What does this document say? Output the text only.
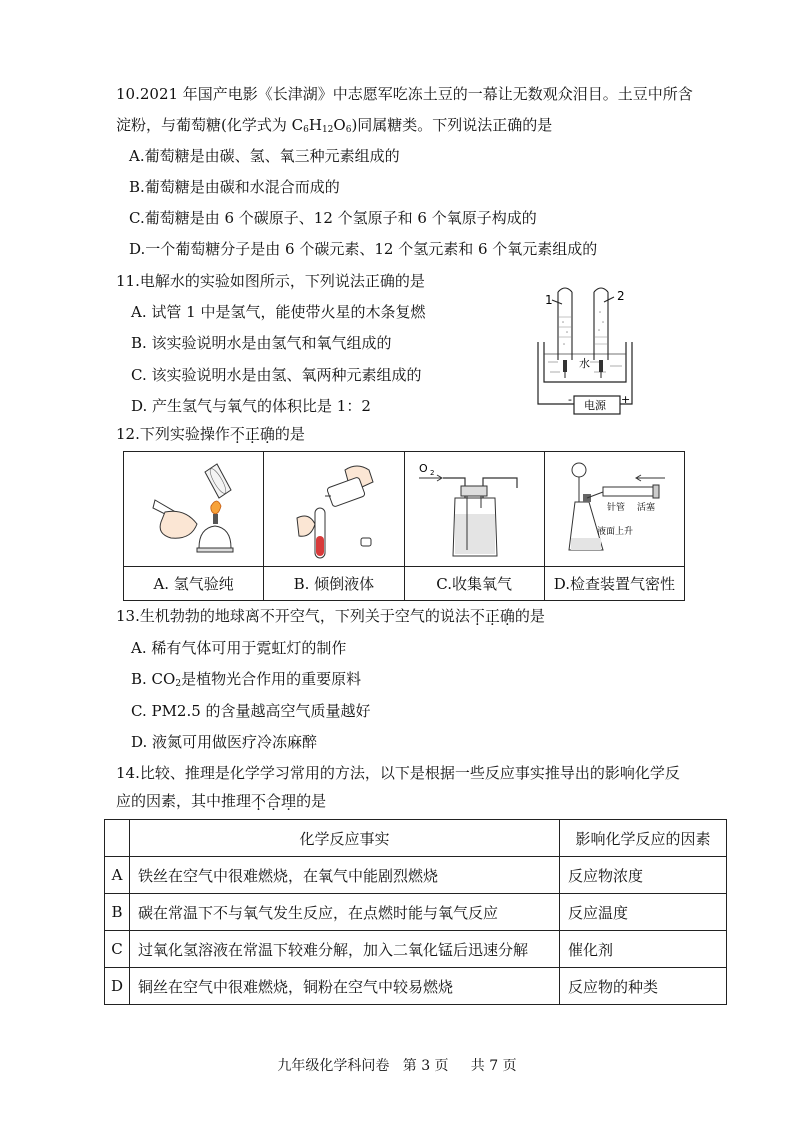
10.2021 年国产电影《长津湖》中志愿军吃冻土豆的一幕让无数观众泪目。土豆中所含
淀粉，与葡萄糖(化学式为 $C_6H_{12}O_6$)同属糖类。下列说法正确的是
A.葡萄糖是由碳、氢、氧三种元素组成的
B.葡萄糖是由碳和水混合而成的
C.葡萄糖是由 6 个碳原子、12 个氢原子和 6 个氧原子构成的
D.一个葡萄糖分子是由 6 个碳元素、12 个氢元素和 6 个氧元素组成的
11.电解水的实验如图所示，下列说法正确的是
A. 试管 1 中是氢气，能使带火星的木条复燃
B. 该实验说明水是由氢气和氧气组成的
C. 该实验说明水是由氢、氧两种元素组成的
D. 产生氢气与氧气的体积比是 1：2
1	2
水
电源
-	+
12.下列实验操作不正确的是

O 2	针管 活塞
液面上升

A. 氢气验纯	B. 倾倒液体	C.收集氧气	D.检查装置气密性
13.生机勃勃的地球离不开空气，下列关于空气的说法不正确的是
A. 稀有气体可用于霓虹灯的制作
B. $CO_2$是植物光合作用的重要原料
C. PM2.5 的含量越高空气质量越好
D. 液氮可用做医疗冷冻麻醉
14.比较、推理是化学学习常用的方法，以下是根据一些反应事实推导出的影响化学反
应的因素，其中推理不合理的是
	化学反应事实	影响化学反应的因素
A	铁丝在空气中很难燃烧，在氧气中能剧烈燃烧	反应物浓度
B	碳在常温下不与氧气发生反应，在点燃时能与氧气反应	反应温度
C	过氧化氢溶液在常温下较难分解，加入二氧化锰后迅速分解	催化剂
D	铜丝在空气中很难燃烧，铜粉在空气中较易燃烧	反应物的种类
九年级化学科问卷   第 3 页     共 7 页
